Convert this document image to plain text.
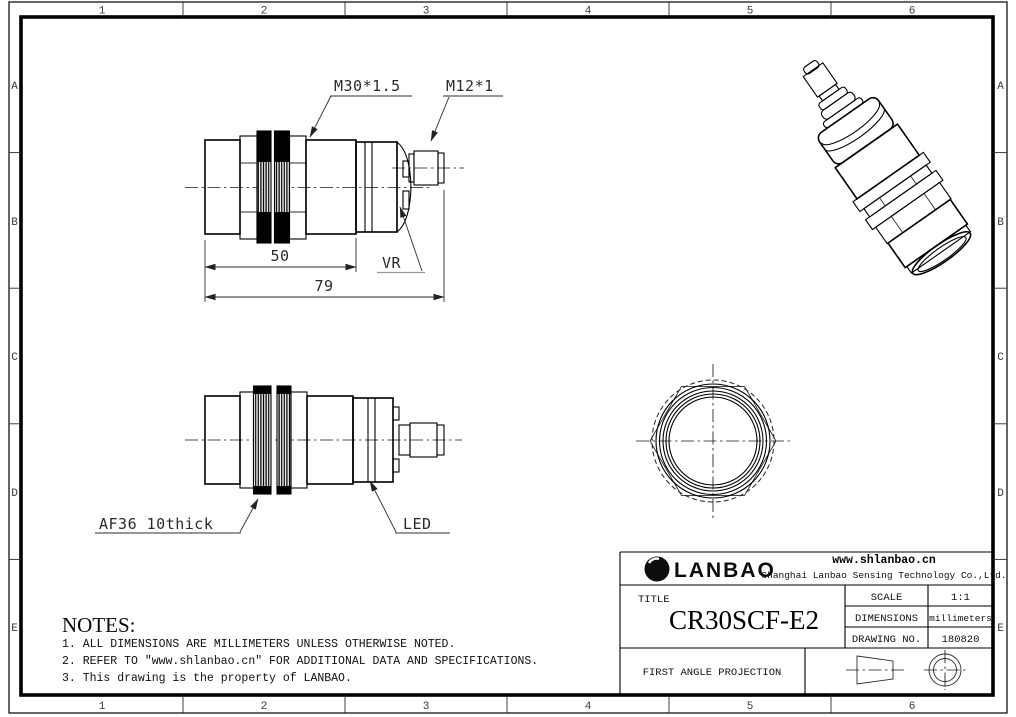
1	2	3	4	5	6
1	2	3	4	5	6
A
B
C
D
E
A
B
C
D
E
50
79
M30*1.5	M12*1
VR
AF36 10thick	LED
NOTES:
1. ALL DIMENSIONS ARE MILLIMETERS UNLESS OTHERWISE NOTED.
2. REFER TO "www.shlanbao.cn" FOR ADDITIONAL DATA AND SPECIFICATIONS.
3. This drawing is the property of LANBAO.
LANBAO	www.shlanbao.cn
Shanghai Lanbao Sensing Technology Co.,Ltd.
TITLE
CR30SCF-E2
SCALE	1:1
DIMENSIONS millimeters
DRAWING NO. 180820
FIRST ANGLE PROJECTION
